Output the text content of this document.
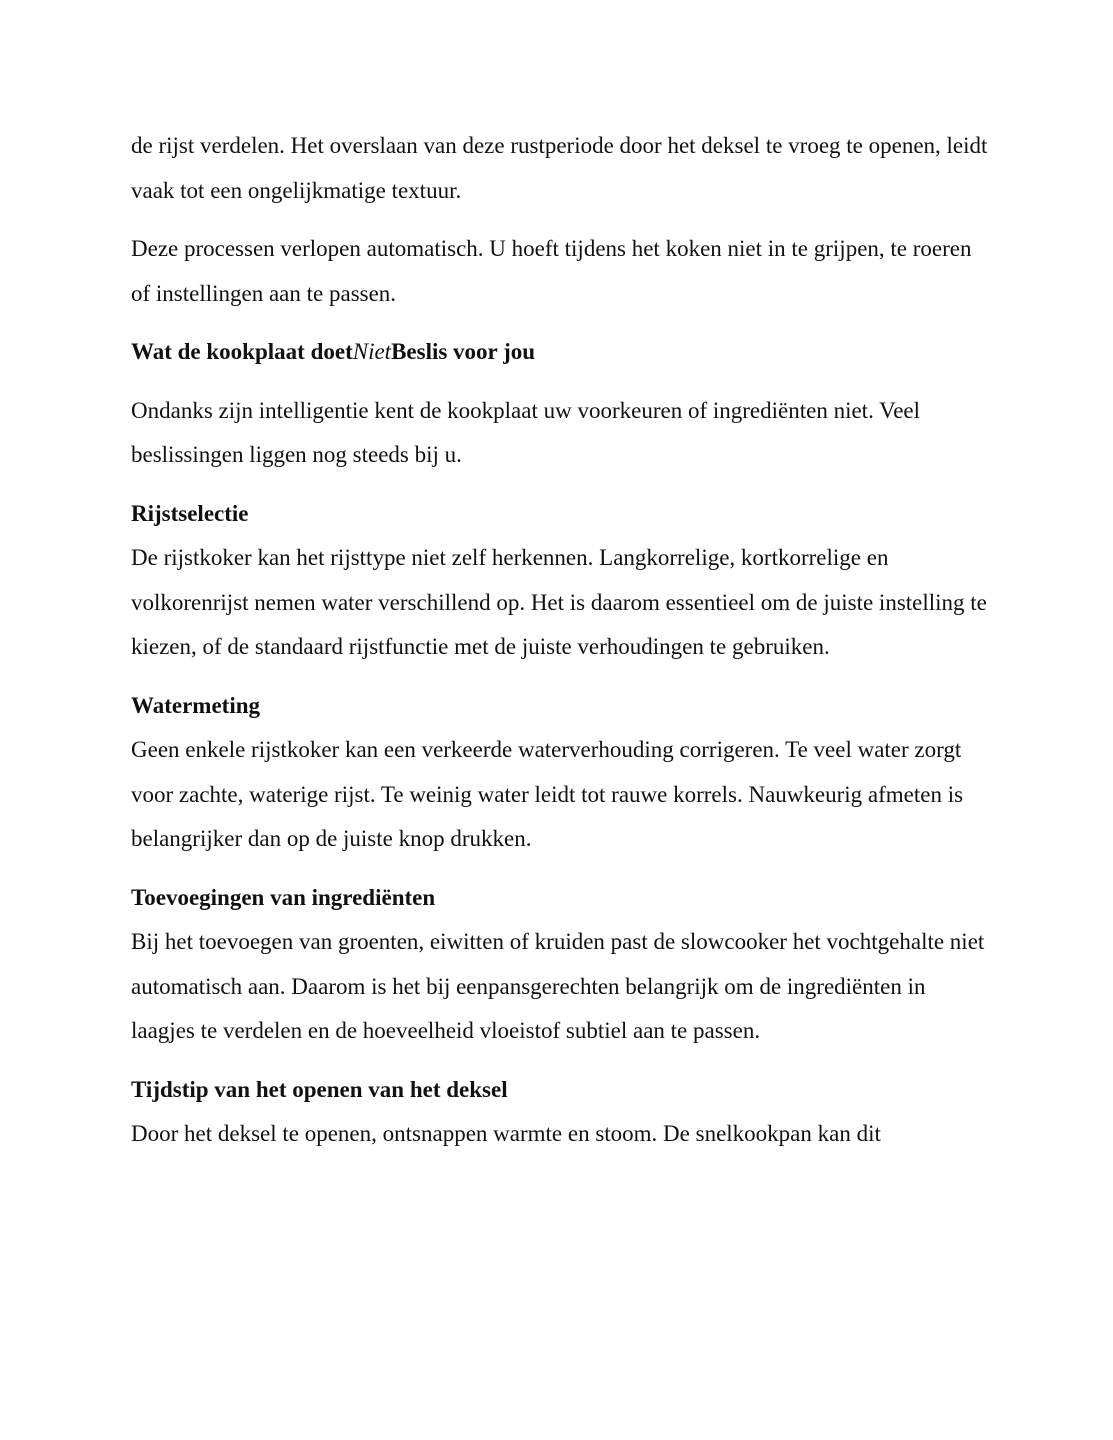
de rijst verdelen. Het overslaan van deze rustperiode door het deksel te vroeg te openen, leidt vaak tot een ongelijkmatige textuur.

Deze processen verlopen automatisch. U hoeft tijdens het koken niet in te grijpen, te roeren of instellingen aan te passen.

Wat de kookplaat doetNietBeslis voor jou

Ondanks zijn intelligentie kent de kookplaat uw voorkeuren of ingrediënten niet. Veel beslissingen liggen nog steeds bij u.

Rijstselectie

De rijstkoker kan het rijsttype niet zelf herkennen. Langkorrelige, kortkorrelige en volkorenrijst nemen water verschillend op. Het is daarom essentieel om de juiste instelling te kiezen, of de standaard rijstfunctie met de juiste verhoudingen te gebruiken.

Watermeting

Geen enkele rijstkoker kan een verkeerde waterverhouding corrigeren. Te veel water zorgt voor zachte, waterige rijst. Te weinig water leidt tot rauwe korrels. Nauwkeurig afmeten is belangrijker dan op de juiste knop drukken.

Toevoegingen van ingrediënten

Bij het toevoegen van groenten, eiwitten of kruiden past de slowcooker het vochtgehalte niet automatisch aan. Daarom is het bij eenpansgerechten belangrijk om de ingrediënten in laagjes te verdelen en de hoeveelheid vloeistof subtiel aan te passen.

Tijdstip van het openen van het deksel

Door het deksel te openen, ontsnappen warmte en stoom. De snelkookpan kan dit
